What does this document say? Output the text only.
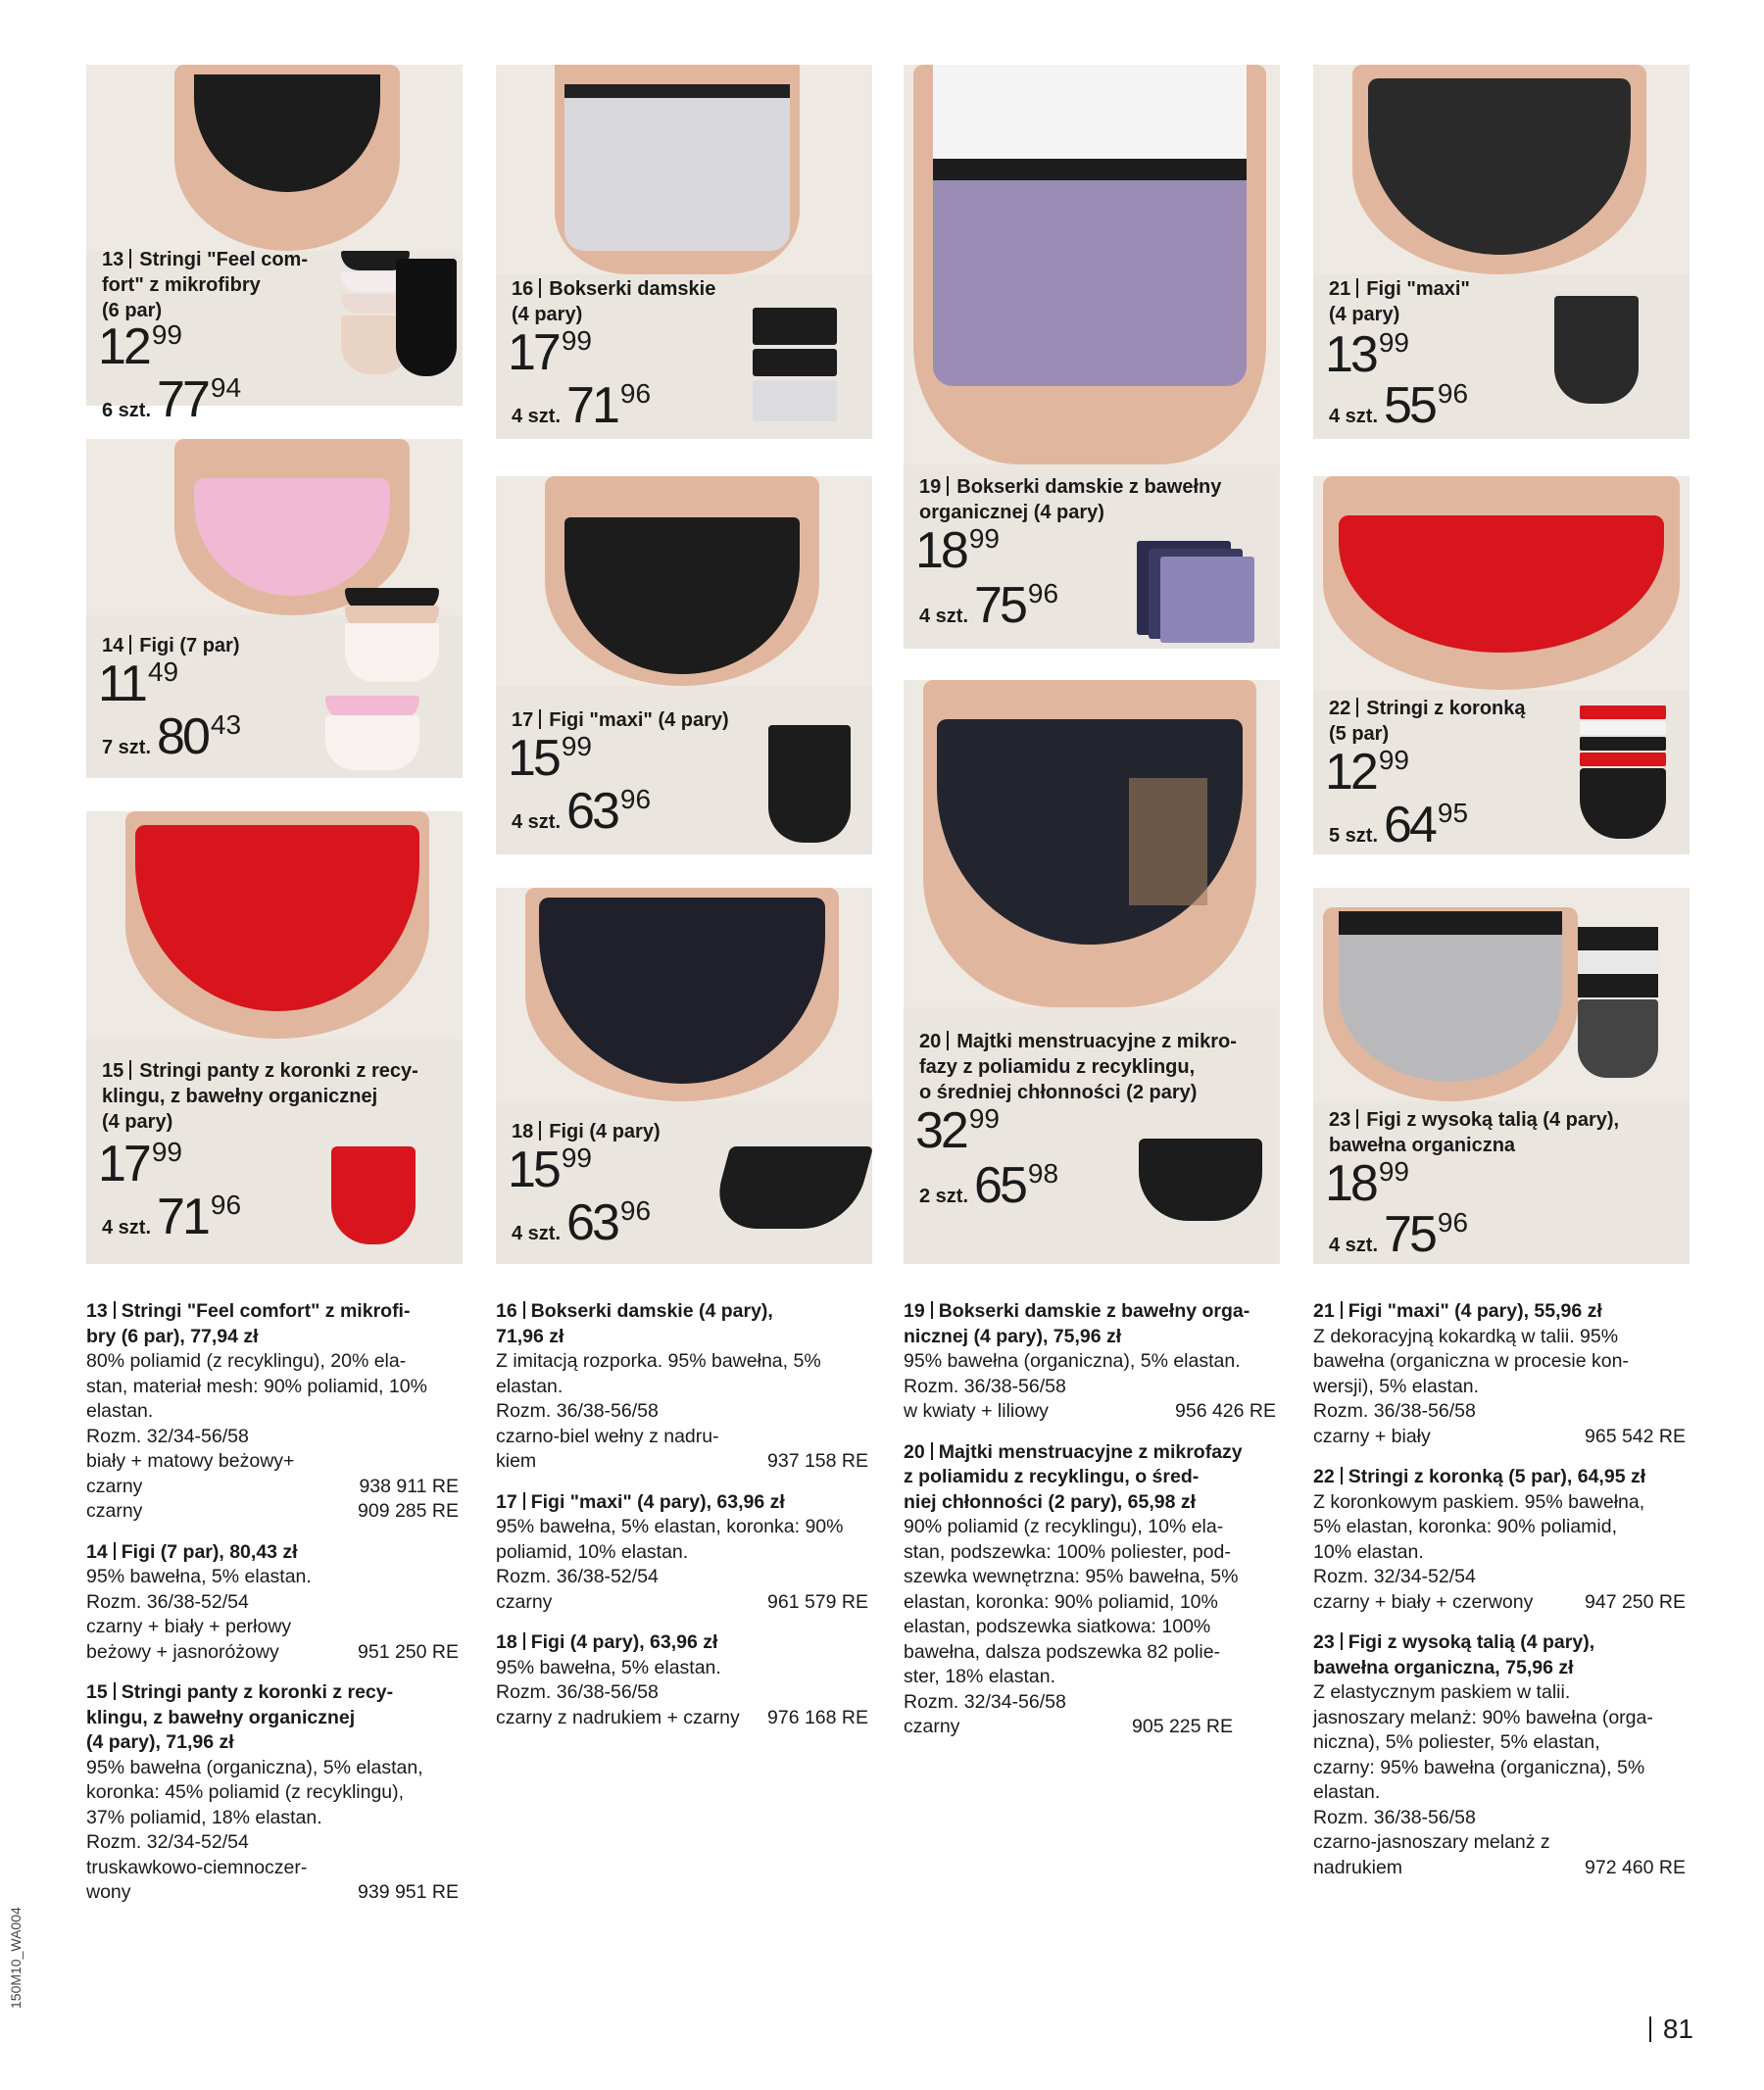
13 Stringi "Feel com-
fort" z mikrofibry
(6 par)
12 99
6 szt. 77 94
14 Figi (7 par)
11 49
7 szt. 80 43
15 Stringi panty z koronki z recy-
klingu, z bawełny organicznej
(4 pary)
17 99
4 szt. 71 96
16 Bokserki damskie
(4 pary)
17 99
4 szt. 71 96
17 Figi "maxi" (4 pary)
15 99
4 szt. 63 96
18 Figi (4 pary)
15 99
4 szt. 63 96
19 Bokserki damskie z bawełny
organicznej (4 pary)
18 99
4 szt. 75 96
20 Majtki menstruacyjne z mikro-
fazy z poliamidu z recyklingu,
o średniej chłonności (2 pary)
32 99
2 szt. 65 98
21 Figi "maxi"
(4 pary)
13 99
4 szt. 55 96
22 Stringi z koronką
(5 par)
12 99
5 szt. 64 95
23 Figi z wysoką talią (4 pary),
bawełna organiczna
18 99
4 szt. 75 96

13 Stringi "Feel comfort" z mikrofi-
bry (6 par), 77,94 zł

80% poliamid (z recyklingu), 20% ela-
stan, materiał mesh: 90% poliamid, 10%
elastan.
Rozm. 32/34-56/58
biały + matowy beżowy+

czarny	938 911 RE
czarny	909 285 RE

14 Figi (7 par), 80,43 zł

95% bawełna, 5% elastan.
Rozm. 36/38-52/54
czarny + biały + perłowy

beżowy + jasnoróżowy	951 250 RE

15 Stringi panty z koronki z recy-
klingu, z bawełny organicznej
(4 pary), 71,96 zł

95% bawełna (organiczna), 5% elastan,
koronka: 45% poliamid (z recyklingu),
37% poliamid, 18% elastan.
Rozm. 32/34-52/54

truskawkowo-ciemnoczer-
wony	939 951 RE

16 Bokserki damskie (4 pary),
71,96 zł

Z imitacją rozporka. 95% bawełna, 5%
elastan.
Rozm. 36/38-56/58

czarno-biel wełny z nadru-
kiem	937 158 RE

17 Figi "maxi" (4 pary), 63,96 zł

95% bawełna, 5% elastan, koronka: 90%
poliamid, 10% elastan.
Rozm. 36/38-52/54

czarny	961 579 RE

18 Figi (4 pary), 63,96 zł

95% bawełna, 5% elastan.
Rozm. 36/38-56/58

czarny z nadrukiem + czarny 976 168 RE

19 Bokserki damskie z bawełny orga-
nicznej (4 pary), 75,96 zł

95% bawełna (organiczna), 5% elastan.
Rozm. 36/38-56/58

w kwiaty + liliowy	956 426 RE

20 Majtki menstruacyjne z mikrofazy
z poliamidu z recyklingu, o śred-
niej chłonności (2 pary), 65,98 zł

90% poliamid (z recyklingu), 10% ela-
stan, podszewka: 100% poliester, pod-
szewka wewnętrzna: 95% bawełna, 5%
elastan, koronka: 90% poliamid, 10%
elastan, podszewka siatkowa: 100%
bawełna, dalsza podszewka 82 polie-
ster, 18% elastan.
Rozm. 32/34-56/58

czarny	905 225 RE

21 Figi "maxi" (4 pary), 55,96 zł

Z dekoracyjną kokardką w talii. 95%
bawełna (organiczna w procesie kon-
wersji), 5% elastan.
Rozm. 36/38-56/58

czarny + biały	965 542 RE

22 Stringi z koronką (5 par), 64,95 zł

Z koronkowym paskiem. 95% bawełna,
5% elastan, koronka: 90% poliamid,
10% elastan.
Rozm. 32/34-52/54

czarny + biały + czerwony	947 250 RE

23 Figi z wysoką talią (4 pary),
bawełna organiczna, 75,96 zł

Z elastycznym paskiem w talii.
jasnoszary melanż: 90% bawełna (orga-
niczna), 5% poliester, 5% elastan,
czarny: 95% bawełna (organiczna), 5%
elastan.
Rozm. 36/38-56/58
czarno-jasnoszary melanż z

nadrukiem	972 460 RE
150M10_WA004
81
